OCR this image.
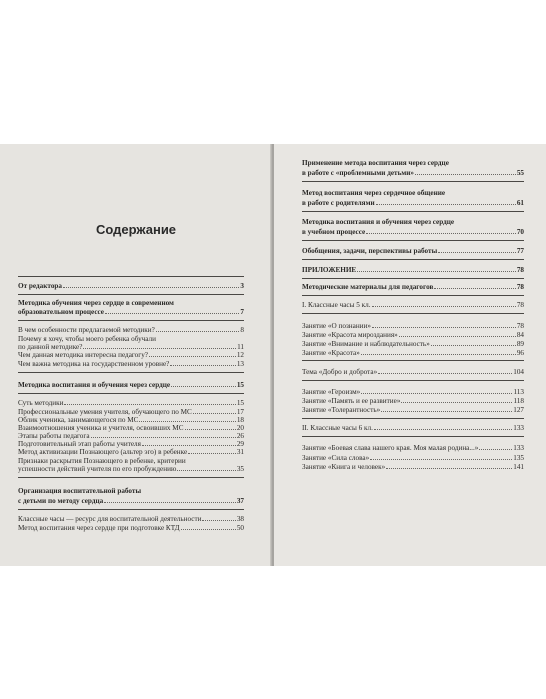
Содержание
От редактора	3
Методика обучения через сердце в современном
образовательном процессе	7
В чем особенности предлагаемой методики?	8
Почему я хочу, чтобы моего ребенка обучали
по данной методике?	11
Чем данная методика интересна педагогу?	12
Чем важна методика на государственном уровне?	13
Методика воспитания и обучения через сердце	15
Суть методики	15
Профессиональные умения учителя, обучающего по МС	17
Облик ученика, занимающегося по МС	18
Взаимоотношения ученика и учителя, освоивших МС	20
Этапы работы педагога	26
Подготовительный этап работы учителя	29
Метод активизации Познающего (альтер эго) в ребенке	31
Признаки раскрытия Познающего в ребенке, критерии
успешности действий учителя по его пробуждению	35
Организация воспитательной работы
с детьми по методу сердца	37
Классные часы — ресурс для воспитательной деятельности	38
Метод воспитания через сердце при подготовке КТД	50
Применение метода воспитания через сердце
в работе с «проблемными детьми»	55
Метод воспитания через сердечное общение
в работе с родителями	61
Методика воспитания и обучения через сердце
в учебном процессе	70
Обобщения, задачи, перспективы работы	77
ПРИЛОЖЕНИЕ	78
Методические материалы для педагогов	78
I. Классные часы 5 кл.	78
Занятие «О познании»	78
Занятие «Красота мироздания»	84
Занятие «Внимание и наблюдательность»	89
Занятие «Красота»	96
Тема «Добро и доброта»	104
Занятие «Героизм»	113
Занятие «Память и ее развитие»	118
Занятие «Толерантность»	127
II. Классные часы 6 кл.	133
Занятие «Боевая слава нашего края. Моя малая родина...»	133
Занятие «Сила слова»	135
Занятие «Книга и человек»	141
